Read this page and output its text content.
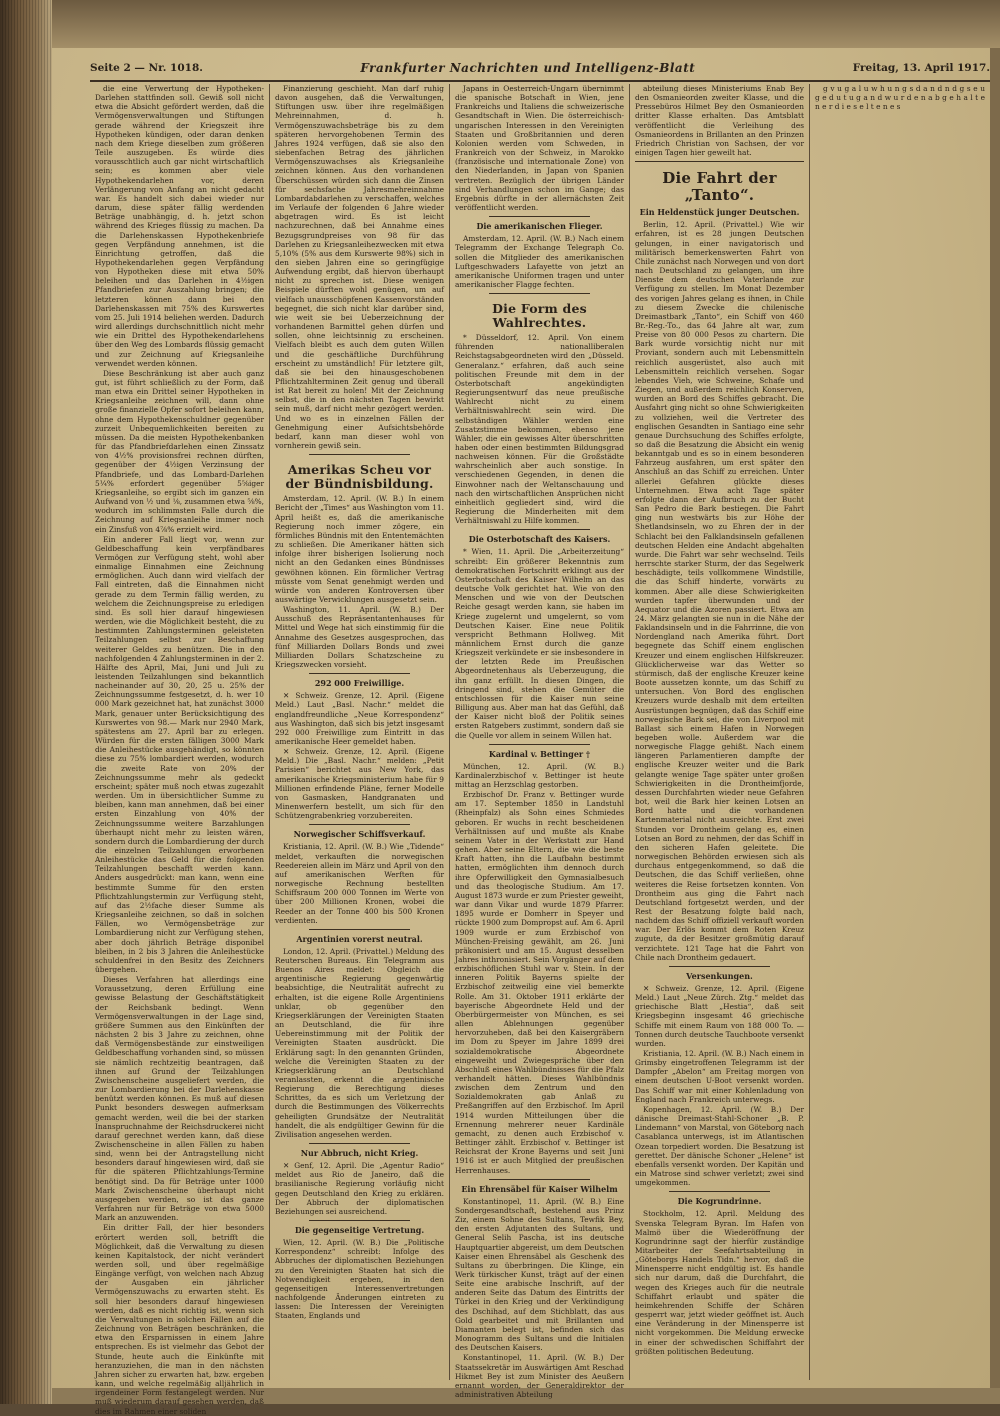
Seite 2 — Nr. 1018.	Frankfurter Nachrichten und Intelligenz-Blatt	Freitag, 13. April 1917.

die eine Verwertung der Hypotheken-Darlehen stattfinden soll. Gewiß soll nicht etwa die Absicht gefördert werden, daß die Vermögensverwaltungen und Stiftungen gerade während der Kriegszeit ihre Hypotheken kündigen, oder daran denken nach dem Kriege dieselben zum größeren Teile auszugeben. Es würde dies vorausschtlich auch gar nicht wirtschaftlich sein; es kommen aber viele Hypothekendarlehen vor, deren Verlängerung von Anfang an nicht gedacht war. Es handelt sich dabei wieder nur darum, diese später fällig werdenden Beträge unabhängig, d. h. jetzt schon während des Krieges flüssig zu machen. Da die Darlehenskassen Hypothekenbriefe gegen Verpfändung annehmen, ist die Einrichtung getroffen, daß die Hypothekendarlehen gegen Verpfändung von Hypotheken diese mit etwa 50% beleihen und das Darlehen in 4½igen Pfandbriefen zur Auszahlung bringen; die letzteren können dann bei den Darlehenskassen mit 75% des Kurswertes vom 25. Juli 1914 beliehen werden. Dadurch wird allerdings durchschnittlich nicht mehr wie ein Drittel des Hypothekendarlehens über den Weg des Lombards flüssig gemacht und zur Zeichnung auf Kriegsanleihe verwendet werden können.

Diese Beschränkung ist aber auch ganz gut, ist führt schließlich zu der Form, daß man etwa ein Drittel seiner Hypotheken in Kriegsanleihe zeichnen will, dann ohne große finanzielle Opfer sofort beleihen kann, ohne dem Hypothekenschuldner gegenüber zurzeit Unbequemlichkeiten bereiten zu müssen. Da die meisten Hypothekenbanken für das Pfandbriefdarlehen einen Zinssatz von 4½% provisionsfrei rechnen dürften, gegenüber der 4½igen Verzinsung der Pfandbriefe, und das Lombard-Darlehen 5¼% erfordert gegenüber 5⅝iger Kriegsanleihe, so ergibt sich im ganzen ein Aufwand von ½ und ⅛, zusammen etwa ⅝%, wodurch im schlimmsten Falle durch die Zeichnung auf Kriegsanleihe immer noch ein Zinsfuß von 4⅞% erzielt wird.

Ein anderer Fall liegt vor, wenn zur Geldbeschaffung kein verpfändbares Vermögen zur Verfügung steht, wohl aber einmalige Einnahmen eine Zeichnung ermöglichen. Auch dann wird vielfach der Fall eintreten, daß die Einnahmen nicht gerade zu dem Termin fällig werden, zu welchem die Zeichnungspreise zu erledigen sind. Es soll hier darauf hingewiesen werden, wie die Möglichkeit besteht, die zu bestimmten Zahlungsterminen geleisteten Teilzahlungen selbst zur Beschaffung weiterer Geldes zu benützen. Die in den nachfolgenden 4 Zahlungsterminen in der 2. Hälfte des April, Mai, Juni und Juli zu leistenden Teilzahlungen sind bekanntlich nacheinander auf 30, 20, 25 u. 25% der Zeichnungssumme festgesetzt, d. h. wer 10 000 Mark gezeichnet hat, hat zunächst 3000 Mark, genauer unter Berücksichtigung des Kurswertes von 98.— Mark nur 2940 Mark, spätestens am 27. April bar zu erlegen. Würden für die ersten fälligen 3000 Mark die Anleihestücke ausgehändigt, so könnten diese zu 75% lombardiert werden, wodurch die zweite Rate von 20% der Zeichnungssumme mehr als gedeckt erscheint; später muß noch etwas zugezahlt werden. Um in übersichtlicher Summe zu bleiben, kann man annehmen, daß bei einer ersten Einzahlung von 40% der Zeichnungssumme weitere Barzahlungen überhaupt nicht mehr zu leisten wären, sondern durch die Lombardierung der durch die einzelnen Teilzahlungen erworbenen Anleihestücke das Geld für die folgenden Teilzahlungen beschafft werden kann. Anders ausgedrückt: man kann, wenn eine bestimmte Summe für den ersten Pflichtzahlungstermin zur Verfügung steht, auf das 2½fache dieser Summe als Kriegsanleihe zeichnen, so daß in solchen Fällen, wo Vermögensbeträge zur Lombardierung nicht zur Verfügung stehen, aber doch jährlich Beträge disponibel bleiben, in 2 bis 3 Jahren die Anleihestücke schuldenfrei in den Besitz des Zeichners übergehen.

Dieses Verfahren hat allerdings eine Voraussetzung, deren Erfüllung eine gewisse Belastung der Geschäftstätigkeit der Reichsbank bedingt. Wenn Vermögensverwaltungen in der Lage sind, größere Summen aus den Einkünften der nächsten 2 bis 3 Jahre zu zeichnen, ohne daß Vermögensbestände zur einstweiligen Geldbeschaffung vorhanden sind, so müssen sie nämlich rechtzeitig beantragen, daß ihnen auf Grund der Teilzahlungen Zwischenscheine ausgeliefert werden, die zur Lombardierung bei der Darlehenskasse benützt werden können. Es muß auf diesen Punkt besonders deswegen aufmerksam gemacht werden, weil die bei der starken Inanspruchnahme der Reichsdruckerei nicht darauf gerechnet werden kann, daß diese Zwischenscheine in allen Fällen zu haben sind, wenn bei der Antragstellung nicht besonders darauf hingewiesen wird, daß sie für die späteren Pflichtzahlungs-Termine benötigt sind. Da für Beträge unter 1000 Mark Zwischenscheine überhaupt nicht ausgegeben werden, so ist das ganze Verfahren nur für Beträge von etwa 5000 Mark an anzuwenden.

Ein dritter Fall, der hier besonders erörtert werden soll, betrifft die Möglichkeit, daß die Verwaltung zu diesen keinen Kapitalstock, der nicht verändert werden soll, und über regelmäßige Eingänge verfügt, von welchen nach Abzug der Ausgaben ein jährlicher Vermögenszuwachs zu erwarten steht. Es soll hier besonders darauf hingewiesen werden, daß es nicht richtig ist, wenn sich die Verwaltungen in solchen Fällen auf die Zeichnung von Beträgen beschränken, die etwa den Ersparnissen in einem Jahre entsprechen. Es ist vielmehr das Gebot der Stunde, heute auch die Einkünfte mit heranzuziehen, die man in den nächsten Jahren sicher zu erwarten hat, bzw. ergeben kann, und welche regelmäßig alljährlich in irgendeiner Form festangelegt werden. Nur muß wiederum darauf gesehen werden, daß dies im Rahmen einer soliden

Finanzierung geschieht. Man darf ruhig davon ausgehen, daß die Verwaltungen, Stiftungen usw. über ihre regelmäßigen Mehreinnahmen, d. h. Vermögenszuwachsbeträge bis zu dem späteren hervorgehobenen Termin des Jahres 1924 verfügen, daß sie also den siebenfachen Betrag des jährlichen Vermögenszuwachses als Kriegsanleihe zeichnen können. Aus den vorhandenen Überschüssen würden sich dann die Zinsen für sechsfache Jahresmehreinnahme Lombardabdarlehen zu verschaffen, welches im Verlaufe der folgenden 6 Jahre wieder abgetragen wird. Es ist leicht nachzurechnen, daß bei Annahme eines Bezugsgrundpreises von 98 für das Darlehen zu Kriegsanleihezwecken mit etwa 5,10% (5% aus dem Kurswerte 98%) sich in den sieben Jahren eine so geringfügige Aufwendung ergibt, daß hiervon überhaupt nicht zu sprechen ist. Diese wenigen Beispiele dürften wohl genügen, um auf vielfach unausschöpfenen Kassenvorständen begegnet, die sich nicht klar darüber sind, wie weit sie bei Ueberzeichnung der vorhandenen Barmittel gehen dürfen und sollen, ohne leichtsinnig zu erscheinen. Vielfach bleibt es auch dem guten Willen und die geschäftliche Durchführung erscheint zu umständlich! Für letztere gilt, daß sie bei den hinausgeschobenen Pflichtzahlterminen Zeit genug und überall ist Rat bereit zu holen! Mit der Zeichnung selbst, die in den nächsten Tagen bewirkt sein muß, darf nicht mehr gezögert werden. Und wo es in einzelnen Fällen der Genehmigung einer Aufsichtsbehörde bedarf, kann man dieser wohl von vornherein gewiß sein.

Amerikas Scheu vor der Bündnisbildung.

Amsterdam, 12. April. (W. B.) In einem Bericht der „Times“ aus Washington vom 11. April heißt es, daß die amerikanische Regierung noch immer zögere, ein förmliches Bündnis mit den Ententemächten zu schließen. Die Amerikaner hätten sich infolge ihrer bisherigen Isolierung noch nicht an den Gedanken eines Bündnisses gewöhnen können. Ein förmlicher Vertrag müsste vom Senat genehmigt werden und würde von anderen Kontroversen über auswärtige Verwicklungen ausgesetzt sein.

Washington, 11. April. (W. B.) Der Ausschuß des Repräsentantenhauses für Mittel und Wege hat sich einstimmig für die Annahme des Gesetzes ausgesprochen, das fünf Milliarden Dollars Bonds und zwei Milliarden Dollars Schatzscheine zu Kriegszwecken vorsieht.

292 000 Freiwillige.

✕ Schweiz. Grenze, 12. April. (Eigene Meld.) Laut „Basl. Nachr.“ meldet die englandfreundliche „Neue Korrespondenz“ aus Washington, daß sich bis jetzt insgesamt 292 000 Freiwillige zum Eintritt in das amerikanische Heer gemeldet haben.

✕ Schweiz. Grenze, 12. April. (Eigene Meld.) Die „Basl. Nachr.“ melden: „Petit Parisien“ berichtet aus New York, das amerikanische Kriegsministerium habe für 9 Millionen erfindende Pläne, ferner Modelle von Gasmasken, Handgranaten und Minenwerfern bestellt, um sich für den Schützengrabenkrieg vorzubereiten.

Norwegischer Schiffsverkauf.

Kristiania, 12. April. (W. B.) Wie „Tidende“ meldet, verkauften die norwegischen Reedereien allein im März und April von den auf amerikanischen Werften für norwegische Rechnung bestellten Schiffsraum 200 000 Tonnen im Werte von über 200 Millionen Kronen, wobei die Reeder an der Tonne 400 bis 500 Kronen verdienten.

Argentinien vorerst neutral.

London, 12. April. (Privattel.) Meldung des Reuterschen Bureaus. Ein Telegramm aus Buenos Aires meldet: Obgleich die argentinische Regierung gegenwärtig beabsichtige, die Neutralität aufrecht zu erhalten, ist die eigene Rolle Argentiniens unklar, ob gegenüber den Kriegserklärungen der Vereinigten Staaten an Deutschland, die für ihre Uebereinstimmung mit der Politik der Vereinigten Staaten ausdrückt. Die Erklärung sagt: In den genannten Gründen, welche die Vereinigten Staaten zu der Kriegserklärung an Deutschland veranlassten, erkennt die argentinische Regierung die Berechtigung dieses Schrittes, da es sich um Verletzung der durch die Bestimmungen des Völkerrechts geheiligten Grundsätze der Neutralität handelt, die als endgültiger Gewinn für die Zivilisation angesehen werden.

Nur Abbruch, nicht Krieg.

✕ Genf, 12. April. Die „Agentur Radio“ meldet aus Rio de Janeiro, daß die brasilianische Regierung vorläufig nicht gegen Deutschland den Krieg zu erklären. Der Abbruch der diplomatischen Beziehungen sei ausreichend.

Die gegenseitige Vertretung.

Wien, 12. April. (W. B.) Die „Politische Korrespondenz“ schreibt: Infolge des Abbruches der diplomatischen Beziehungen zu den Vereinigten Staaten hat sich die Notwendigkeit ergeben, in den gegenseitigen Interessenvertretungen nachfolgende Änderungen eintreten zu lassen: Die Interessen der Vereinigten Staaten, Englands und

Japans in Oesterreich-Ungarn übernimmt die spanische Botschaft in Wien, jene Frankreichs und Italiens die schweizerische Gesandtschaft in Wien. Die österreichisch-ungarischen Interessen in den Vereinigten Staaten und Großbritannien und deren Kolonien werden vom Schweden, in Frankreich von der Schweiz, in Marokko (französische und internationale Zone) von den Niederlanden, in Japan von Spanien vertreten. Bezüglich der übrigen Länder sind Verhandlungen schon im Gange; das Ergebnis dürfte in der allernächsten Zeit veröffentlicht werden.

Die amerikanischen Flieger.

Amsterdam, 12. April. (W. B.) Nach einem Telegramm der Exchange Telegraph Co. sollen die Mitglieder des amerikanischen Luftgeschwaders Lafayette von jetzt an amerikanische Uniformen tragen und unter amerikanischer Flagge fechten.

Die Form des Wahlrechtes.

* Düsseldorf, 12. April. Von einem führenden nationalliberalen Reichstagsabgeordneten wird den „Düsseld. Generalanz.“ erfahren, daß auch seine politischen Freunde mit dem in der Osterbotschaft angekündigten Regierungsentwurf das neue preußische Wahlrecht nicht zu einem Verhältniswahlrecht sein wird. Die selbständigen Wähler werden eine Zusatzstimme bekommen, ebenso jene Wähler, die ein gewisses Alter überschritten haben oder einen bestimmten Bildungsgrad nachweisen können. Für die Großstädte wahrscheinlich aber auch sonstige. In verschiedenen Gegenden, in denen die Einwohner nach der Weltanschauung und nach den wirtschaftlichen Ansprüchen nicht einheitlich gegliedert sind, wird die Regierung die Minderheiten mit dem Verhältniswahl zu Hilfe kommen.

Die Osterbotschaft des Kaisers.

* Wien, 11. April. Die „Arbeiterzeitung“ schreibt: Ein größerer Bekenntnis zum demokratischen Fortschritt erklingt aus der Osterbotschaft des Kaiser Wilhelm an das deutsche Volk gerichtet hat. Wie von den Menschen und wie von der Deutschen Reiche gesagt werden kann, sie haben im Kriege zugelernt und umgelernt, so vom Deutschen Kaiser. Eine neue Politik verspricht Bethmann Hollweg. Mit männlichem Ernst durch die ganze Kriegszeit verkündete er sie insbesondere in der letzten Rede im Preußischen Abgeordnetenhaus als Ueberzeugung, die ihn ganz erfüllt. In diesen Dingen, die dringend sind, stehen die Gemüter die entschlossen für die Kaiser nun seine Billigung aus. Aber man hat das Gefühl, daß der Kaiser nicht bloß der Politik seines ersten Ratgebers zustimmt, sondern daß sie die Quelle vor allem in seinem Willen hat.

Kardinal v. Bettinger †

München, 12. April. (W. B.) Kardinalerzbischof v. Bettinger ist heute mittag an Herzschlag gestorben.

Erzbischof Dr. Franz v. Bettinger wurde am 17. September 1850 in Landstuhl (Rheinpfalz) als Sohn eines Schmiedes geboren. Er wuchs in recht bescheidenen Verhältnissen auf und mußte als Knabe seinem Vater in der Werkstatt zur Hand gehen. Aber seine Eltern, die wie die beste Kraft hatten, ihn die Laufbahn bestimmt hatten, ermöglichten ihm dennoch durch ihre Opferwilligkeit den Gymnasialbesuch und das theologische Studium. Am 17. August 1873 wurde er zum Priester geweiht, war dann Vikar und wurde 1879 Pfarrer. 1895 wurde er Domherr in Speyer und rückte 1900 zum Dompropst auf. Am 6. April 1909 wurde er zum Erzbischof von München-Freising gewählt, am 26. Juni präkonisiert und am 15. August desselben Jahres inthronisiert. Sein Vorgänger auf dem erzbischöflichen Stuhl war v. Stein. In der inneren Politik Bayerns spielte der Erzbischof zeitweilig eine viel bemerkte Rolle. Am 31. Oktober 1911 erklärte der bayerische Abgeordnete Held und der Oberbürgermeister von München, es sei allen Ablehnungen gegenüber hervorzuheben, daß bei den Kaisergräbern im Dom zu Speyer im Jahre 1899 drei sozialdemokratische Abgeordnete eingeweiht und Zwiegespräche über den Abschluß eines Wahlbündnisses für die Pfalz verhandelt hätten. Dieses Wahlbündnis zwischen dem Zentrum und den Sozialdemokraten gab Anlaß zu Preßangriffen auf den Erzbischof. Im April 1914 wurden Mitteilungen über die Ernennung mehrerer neuer Kardinäle gemacht, zu denen auch Erzbischof v. Bettinger zählt. Erzbischof v. Bettinger ist Reichsrat der Krone Bayerns und seit Juni 1916 ist er auch Mitglied der preußischen Herrenhauses.

Ein Ehrensäbel für Kaiser Wilhelm

Konstantinopel, 11. April. (W. B.) Eine Sondergesandtschaft, bestehend aus Prinz Ziz, einem Sohne des Sultans, Tewfik Bey, den ersten Adjutanten des Sultans, und General Selih Pascha, ist ins deutsche Hauptquartier abgereist, um dem Deutschen Kaiser einen Ehrensäbel als Geschenk des Sultans zu überbringen. Die Klinge, ein Werk türkischer Kunst, trägt auf der einen Seite eine arabische Inschrift, auf der anderen Seite das Datum des Eintritts der Türkei in den Krieg und der Verkündigung des Dschihad, auf dem Stichblatt, das aus Gold gearbeitet und mit Brillanten und Diamanten belegt ist, befinden sich das Monogramm des Sultans und die Initialen des Deutschen Kaisers.

Konstantinopel, 11. April. (W. B.) Der Staatssekretär im Auswärtigen Amt Reschad Hikmet Bey ist zum Minister des Aeußern ernannt worden, der Generaldirektor der administrativen Abteilung

abteilung dieses Ministeriums Enab Bey den Osmanieorden zweiter Klasse, und die Pressebüros Hilmet Bey den Osmanieorden dritter Klasse erhalten. Das Amtsblatt veröffentlicht die Verleihung des Osmanieordens in Brillanten an den Prinzen Friedrich Christian von Sachsen, der vor einigen Tagen hier geweilt hat.

Die Fahrt der „Tanto“.
Ein Heldenstück junger Deutschen.

Berlin, 12. April. (Privattel.) Wie wir erfahren, ist es 28 jungen Deutschen gelungen, in einer navigatorisch und militärisch bemerkenswerten Fahrt von Chile zunächst nach Norwegen und von dort nach Deutschland zu gelangen, um ihre Dienste dem deutschen Vaterlande zur Verfügung zu stellen. Im Monat Dezember des vorigen Jahres gelang es ihnen, in Chile zu diesem Zwecke die chilenische Dreimastbark „Tanto“, ein Schiff von 460 Br.-Reg.-To., das 64 Jahre alt war, zum Preise von 80 000 Pesos zu chartern. Die Bark wurde vorsichtig nicht nur mit Proviant, sondern auch mit Lebensmitteln reichlich ausgerüstet, also auch mit Lebensmitteln reichlich versehen. Sogar lebendes Vieh, wie Schweine, Schafe und Ziegen, und außerdem reichlich Konserven, wurden an Bord des Schiffes gebracht. Die Ausfahrt ging nicht so ohne Schwierigkeiten zu vollziehen, weil die Vertreter des englischen Gesandten in Santiago eine sehr genaue Durchsuchung des Schiffes erfolgte, so daß die Besatzung die Absicht ein wenig bekanntgab und es so in einem besonderen Fahrzeug ausfahren, um erst später den Anschluß an das Schiff zu erreichen. Unter allerlei Gefahren glückte dieses Unternehmen. Etwa acht Tage später erfolgte dann der Aufbruch zu der Bucht San Pedro die Bark bestiegen. Die Fahrt ging nun westwärts bis zur Höhe der Shetlandsinseln, wo zu Ehren der in der Schlacht bei den Falklandsinseln gefallenen deutschen Helden eine Andacht abgehalten wurde. Die Fahrt war sehr wechselnd. Teils herrschte starker Sturm, der das Segelwerk beschädigte, teils vollkommene Windstille, die das Schiff hinderte, vorwärts zu kommen. Aber alle diese Schwierigkeiten wurden tapfer überwunden und der Aequator und die Azoren passiert. Etwa am 24. März gelangten sie nun in die Nähe der Faklandsinseln und in die Fahrrinne, die von Nordengland nach Amerika führt. Dort begegnete das Schiff einem englischen Kreuzer und einem englischen Hilfskreuzer. Glücklicherweise war das Wetter so stürmisch, daß der englische Kreuzer keine Boote aussetzen konnte, um das Schiff zu untersuchen. Von Bord des englischen Kreuzers wurde deshalb mit dem erteilten Ausrüstungen begnügen, daß das Schiff eine norwegische Bark sei, die von Liverpool mit Ballast sich einem Hafen in Norwegen begeben wolle. Außerdem war die norwegische Flagge gehißt. Nach einem längeren Parlamentieren dampfte der englische Kreuzer weiter und die Bark gelangte wenige Tage später unter großen Schwierigkeiten in die Drontheimfjorde, dessen Durchfahrten wieder neue Gefahren bot, weil die Bark hier keinen Lotsen an Bord hatte und die vorhandenen Kartenmaterial nicht ausreichte. Erst zwei Stunden vor Drontheim gelang es, einen Lotsen an Bord zu nehmen, der das Schiff in den sicheren Hafen geleitete. Die norwegischen Behörden erwiesen sich als durchaus entgegenkommend, so daß die Deutschen, die das Schiff verließen, ohne weiteres die Reise fortsetzen konnten. Von Drontheim aus ging die Fahrt nach Deutschland fortgesetzt werden, und der Rest der Besatzung folgte bald nach, nachdem das Schiff offiziell verkauft worden war. Der Erlös kommt dem Roten Kreuz zugute, da der Besitzer großmütig darauf verzichtete. 121 Tage hat die Fahrt von Chile nach Drontheim gedauert.

Versenkungen.

✕ Schweiz. Grenze, 12. April. (Eigene Meld.) Laut „Neue Zürch. Ztg.“ meldet das griechische Blatt „Hestia“, daß seit Kriegsbeginn insgesamt 46 griechische Schiffe mit einem Raum von 188 000 To. — Tonnen durch deutsche Tauchboote versenkt wurden.

Kristiania, 12. April. (W. B.) Nach einem in Grimsby eingetroffenen Telegramm ist der Dampfer „Abelon“ am Freitag morgen von einem deutschen U-Boot versenkt worden. Das Schiff war mit einer Kohlenladung von England nach Frankreich unterwegs.

Kopenhagen, 12. April. (W. B.) Der dänische Dreimast-Stahl-Schoner „B. P. Lindemann“ von Marstal, von Göteborg nach Casablanca unterwegs, ist im Atlantischen Ozean torpediert worden. Die Besatzung ist gerettet. Der dänische Schoner „Helene“ ist ebenfalls versenkt worden. Der Kapitän und ein Matrose sind schwer verletzt; zwei sind umgekommen.

Die Kogrundrinne.

Stockholm, 12. April. Meldung des Svenska Telegram Byran. Im Hafen von Malmö über die Wiederöffnung der Kogrundrinne sagt der hierfür zuständige Mitarbeiter der Seefahrtsabteilung in „Göteborgs Handels Tidn.“ hervor, daß die Minensperre nicht endgültig ist. Es handle sich nur darum, daß die Durchfahrt, die wegen des Krieges auch für die neutrale Schiffahrt erlaubt und später die heimkehrenden Schiffe der Schären gesperrt war, jetzt wieder geöffnet ist. Auch eine Veränderung in der Minensperre ist nicht vorgekommen. Die Meldung erwecke in einer der schwedischen Schiffahrt der größten politischen Bedeutung.

g v u g a l u w h u n g s d a n d n d g s e u g e d u t u g a n d w u r d e n a b g e h a l t e n e r d i e s e l t e n e s
